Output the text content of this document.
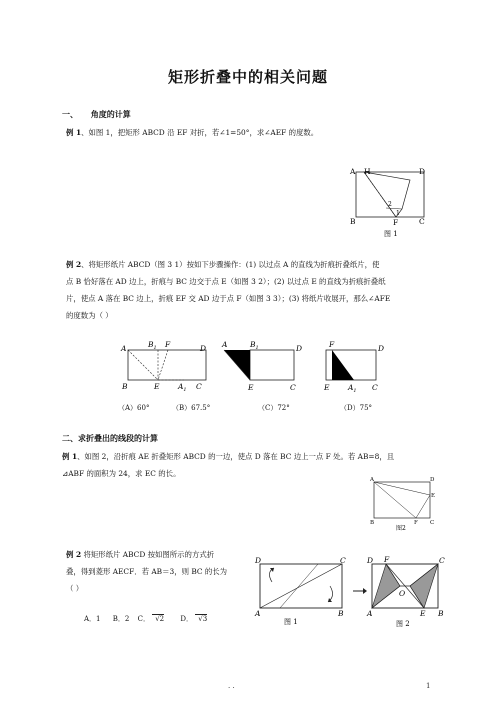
矩形折叠中的相关问题
一、 角度的计算
例 1、如图 1，把矩形 ABCD 沿 EF 对折，若∠1=50°，求∠AEF 的度数。
A H	D
B	F	C
2
1
图 1
例 2、将矩形纸片 ABCD（图 3 1）按如下步骤操作：(1) 以过点 A 的直线为折痕折叠纸片，使
点 B 恰好落在 AD 边上，折痕与 BC 边交于点 E（如图 3 2）；(2) 以过点 E 的直线为折痕折叠纸
片，使点 A 落在 BC 边上，折痕 EF 交 AD 边于点 F（如图 3 3）；(3) 将纸片收展开，那么∠AFE
的度数为（ ）
A	$B_1$ F	D
B	E $A_1$ C
A	$B_1$	D
E	C
F	D
E $A_1$ C
（A）60°	（B）67.5°	（C）72°	（D）75°
二、求折叠出的线段的计算
例 1、如图 2，沿折痕 AE 折叠矩形 ABCD 的一边，使点 D 落在 BC 边上一点 F 处。若 AB=8，且
⊿ABF 的面积为 24，求 EC 的长。
A	D
E
B	F C
图2
例 2 将矩形纸片 ABCD 按如图所示的方式折
叠，得到菱形 AECF．若 AB＝3，则 BC 的长为
（ ）
A．1 B．2 C． √2 D． √3
D	C
A	B
图 1
D F	C
O
A	E B
图 2
. .	1
